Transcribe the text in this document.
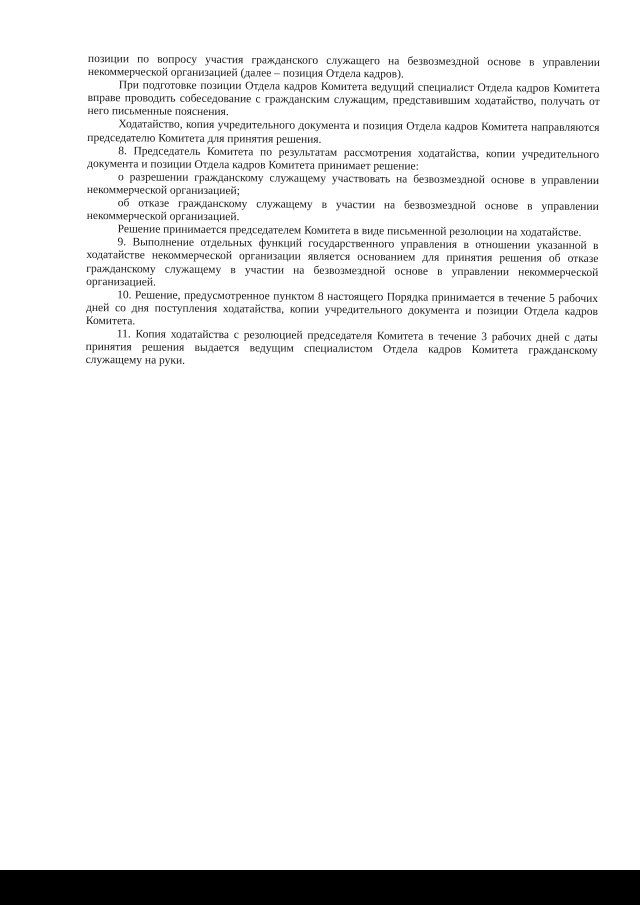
позиции по вопросу участия гражданского служащего на безвозмездной основе в управлении некоммерческой организацией (далее – позиция Отдела кадров).

При подготовке позиции Отдела кадров Комитета ведущий специалист Отдела кадров Комитета вправе проводить собеседование с гражданским служащим, представившим ходатайство, получать от него письменные пояснения.

Ходатайство, копия учредительного документа и позиция Отдела кадров Комитета направляются председателю Комитета для принятия решения.

8. Председатель Комитета по результатам рассмотрения ходатайства, копии учредительного документа и позиции Отдела кадров Комитета принимает решение:

о разрешении гражданскому служащему участвовать на безвозмездной основе в управлении некоммерческой организацией;

об отказе гражданскому служащему в участии на безвозмездной основе в управлении некоммерческой организацией.

Решение принимается председателем Комитета в виде письменной резолюции на ходатайстве.

9. Выполнение отдельных функций государственного управления в отношении указанной в ходатайстве некоммерческой организации является основанием для принятия решения об отказе гражданскому служащему в участии на безвозмездной основе в управлении некоммерческой организацией.

10. Решение, предусмотренное пунктом 8 настоящего Порядка принимается в течение 5 рабочих дней со дня поступления ходатайства, копии учредительного документа и позиции Отдела кадров Комитета.

11. Копия ходатайства с резолюцией председателя Комитета в течение 3 рабочих дней с даты принятия решения выдается ведущим специалистом Отдела кадров Комитета гражданскому служащему на руки.
